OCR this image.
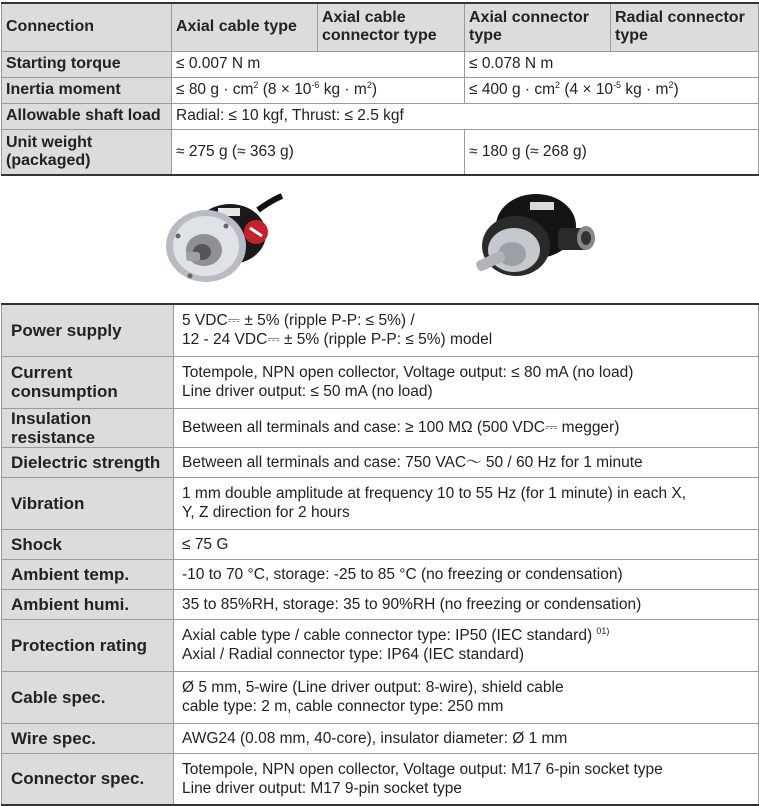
Connection	Axial cable type	Axial cable connector type	Axial connector type	Radial connector type
Starting torque	≤ 0.007 N m		≤ 0.078 N m	
Inertia moment	≤ 80 $g \cdot cm^2$ ($8 \times 10^{-6}$ kg · $m^2$)		≤ 400 $g \cdot cm^2$ ($4 \times 10^{-5}$ kg · $m^2$)	
Allowable shaft load	Radial: ≤ 10 kgf, Thrust: ≤ 2.5 kgf			
Unit weight (packaged)	≈ 275 g (≈ 363 g)		≈ 180 g (≈ 268 g)	
Power supply	5 VDC⎓ ± 5% (ripple P-P: ≤ 5%) /
12 - 24 VDC⎓ ± 5% (ripple P-P: ≤ 5%) model

Current consumption	Totempole, NPN open collector, Voltage output: ≤ 80 mA (no load)
Line driver output: ≤ 50 mA (no load)

Insulation resistance	Between all terminals and case: ≥ 100 MΩ (500 VDC⎓ megger)

Dielectric strength	Between all terminals and case: 750 VAC～ 50 / 60 Hz for 1 minute

Vibration	1 mm double amplitude at frequency 10 to 55 Hz (for 1 minute) in each X,
Y, Z direction for 2 hours

Shock	≤ 75 G

Ambient temp.	-10 to 70 °C, storage: -25 to 85 °C (no freezing or condensation)

Ambient humi.	35 to 85%RH, storage: 35 to 90%RH (no freezing or condensation)

Protection rating	Axial cable type / cable connector type: IP50 (IEC standard) $^{01)}$
Axial / Radial connector type: IP64 (IEC standard)

Cable spec.	Ø 5 mm, 5-wire (Line driver output: 8-wire), shield cable
cable type: 2 m, cable connector type: 250 mm

Wire spec.	AWG24 (0.08 mm, 40-core), insulator diameter: Ø 1 mm

Connector spec.	Totempole, NPN open collector, Voltage output: M17 6-pin socket type
Line driver output: M17 9-pin socket type
